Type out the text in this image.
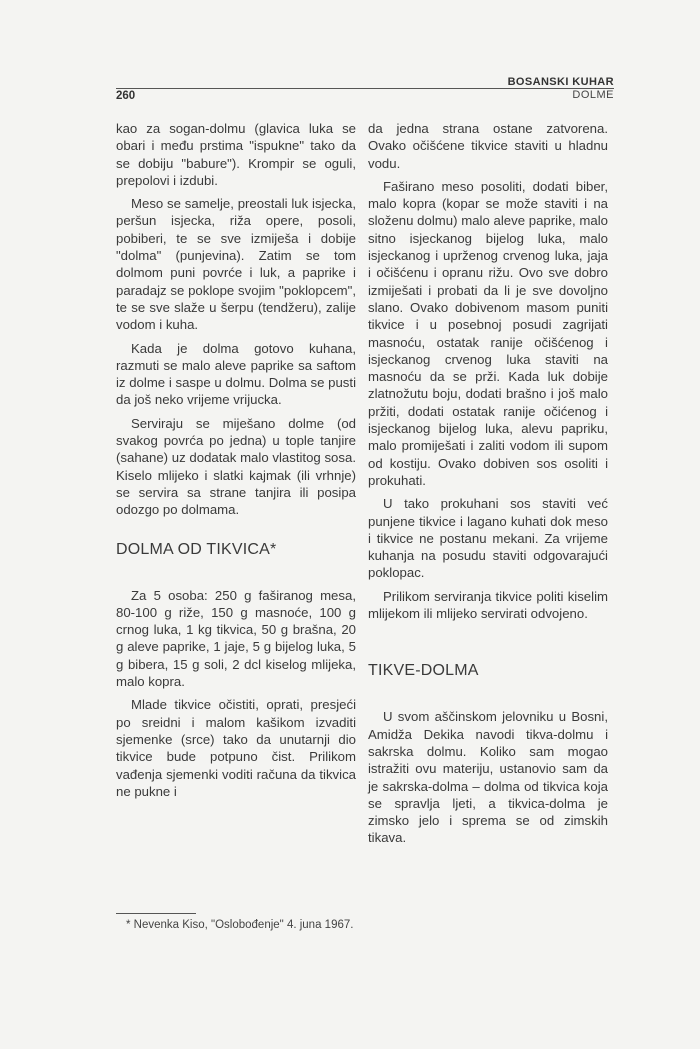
BOSANSKI KUHAR
DOLME
260

kao za sogan-dolmu (glavica luka se obari i među prstima "ispukne" tako da se dobiju "babure"). Krompir se oguli, prepolovi i izdubi.

Meso se samelje, preostali luk isjecka, peršun isjecka, riža opere, posoli, pobiberi, te se sve izmiješa i dobije "dolma" (punjevina). Zatim se tom dolmom puni povrće i luk, a paprike i paradajz se poklope svojim "poklopcem", te se sve slaže u šerpu (tendžeru), zalije vodom i kuha.

Kada je dolma gotovo kuhana, razmuti se malo aleve paprike sa saftom iz dolme i saspe u dolmu. Dolma se pusti da još neko vrijeme vrijucka.

Serviraju se miješano dolme (od svakog povrća po jedna) u tople tanjire (sahane) uz dodatak malo vlastitog sosa. Kiselo mlijeko i slatki kajmak (ili vrhnje) se servira sa strane tanjira ili posipa odozgo po dolmama.

DOLMA OD TIKVICA*

Za 5 osoba: 250 g faširanog mesa, 80-100 g riže, 150 g masnoće, 100 g crnog luka, 1 kg tikvica, 50 g brašna, 20 g aleve paprike, 1 jaje, 5 g bijelog luka, 5 g bibera, 15 g soli, 2 dcl kiselog mlijeka, malo kopra.

Mlade tikvice očistiti, oprati, presjeći po sreidni i malom kašikom izvaditi sjemenke (srce) tako da unutarnji dio tikvice bude potpuno čist. Prilikom vađenja sjemenki voditi računa da tikvica ne pukne i

* Nevenka Kiso, "Oslobođenje" 4. juna 1967.

da jedna strana ostane zatvorena. Ovako očišćene tikvice staviti u hladnu vodu.

Faširano meso posoliti, dodati biber, malo kopra (kopar se može staviti i na složenu dolmu) malo aleve paprike, malo sitno isjeckanog bijelog luka, malo isjeckanog i uprženog crvenog luka, jaja i očišćenu i opranu rižu. Ovo sve dobro izmiješati i probati da li je sve dovoljno slano. Ovako dobivenom masom puniti tikvice i u posebnoj posudi zagrijati masnoću, ostatak ranije očišćenog i isjeckanog crvenog luka staviti na masnoću da se prži. Kada luk dobije zlatnožutu boju, dodati brašno i još malo pržiti, dodati ostatak ranije očićenog i isjeckanog bijelog luka, alevu papriku, malo promiješati i zaliti vodom ili supom od kostiju. Ovako dobiven sos osoliti i prokuhati.

U tako prokuhani sos staviti već punjene tikvice i lagano kuhati dok meso i tikvice ne postanu mekani. Za vrijeme kuhanja na posudu staviti odgovarajući poklopac.

Prilikom serviranja tikvice politi kiselim mlijekom ili mlijeko servirati odvojeno.

TIKVE-DOLMA

U svom aščinskom jelovniku u Bosni, Amidža Dekika navodi tikva-dolmu i sakrska dolmu. Koliko sam mogao istražiti ovu materiju, ustanovio sam da je sakrska-dolma – dolma od tikvica koja se spravlja ljeti, a tikvica-dolma je zimsko jelo i sprema se od zimskih tikava.
